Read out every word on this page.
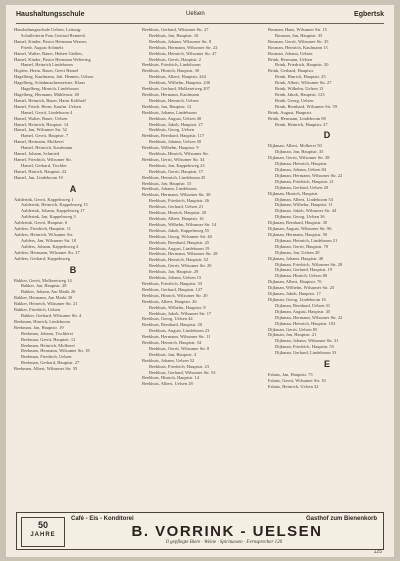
Haushaltungsschule	Uelsen	Egbertsk
Haushaltungsschule Uelsen, Leitung:
Schulleiterin Frau Gertrud Renneck
Hamel, Kinder, Pastor Hermann Werner,
Friedr. August Schmelz
Hamel, Walter, Bauer, Hubert Gießen,
Hamel, Kinder, Pastor Hermann Weltering
Hamel, Heinrich Lindeboom
Hopfen, Herm. Bauer, Geert Hamel
Hagelberg, Kaufmann, Joh. Hennen, Uelsen
Hagelberg, Schuhmachermeister, Klaas
Hagelberg, Hinrich, Lindeboom
Hagelberg, Hermann, Mühlenstr. 40
Hamel, Heinrich, Bauer, Harm Kolthoff
Hamel, Friedr. Herm. Kaufm. Uelsen
Hamel, Gerrit, Lindeboom 4
Hamel, Walter, Bauer, Uelsen
Hamel, Heinrich, Hauptstr. 14
Hamel, Jan, Wilsumer Str. 52
Hamel, Gerrit, Hauptstr. 7
Hamel, Hermann, Molkerei
Hamel, Heinrich, Kaufmann
Hamel, Johann, Schmied
Hamel, Friedrich, Wilsumer Str.
Hamel, Gerhard, Tischler
Hamel, Hinrich, Hauptstr. 22
Hamel, Jan, Lindeboom 10
A
Aalderink, Gerrit, Kappelnweg 1
Aalderink, Heinrich, Kappelnweg 15
Aalderink, Johann, Kappelnweg 17
Aalderink, Jan, Kappelnweg 3
Aalderink, Gerrit, Hauptstr. 6
Aalders, Friedrich, Hauptstr. 11
Aalders, Heinrich, Wilsumer Str.
Aalders, Jan, Wilsumer Str. 18
Aalders, Johann, Kappelnweg 2
Aalders, Hermann, Wilsumer Str. 27
Aalders, Gerhard, Kappelnweg
B
Bakker, Gerrit, Molkereiweg 14
Bakker, Jan, Hauptstr. 28
Bakker, Johann, Am Markt 26
Bakker, Hermann, Am Markt 30
Bakker, Heinrich, Wilsumer Str. 21
Bakker, Friedrich, Uelsen
Bakker, Gerhard, Wilsumer Str. 4
Beekman, Hinrich, Lindeboom
Beekman, Jan, Hauptstr. 19
Beekman, Johann, Tischlerei
Beekman, Gerrit, Hauptstr. 12
Beekman, Heinrich, Molkerei
Beekman, Hermann, Wilsumer Str. 18
Beekman, Friedrich, Uelsen
Beekman, Gerhard, Hauptstr. 27
Beekman, Albert, Wilsumer Str. 35
Beekhuis, Gerhard, Wilsumer Str. 27
Beekhuis, Jan, Hauptstr. 16
Beekhuis, Johann, Wilsumer Str. 8
Beekhuis, Hermann, Wilsumer Str. 22
Beekhuis, Heinrich, Wilsumer Str. 47
Beekhuis, Gerrit, Hauptstr. 2
Beekhuis, Friedrich, Lindeboom
Beekhuis, Hinrich, Hauptstr. 30
Beekhuis, Albert, Hauptstr. 244
Beekhuis, Wilhelm, Hauptstr. 236
Beekhuis, Gerhard, Molkereiweg 207
Beekhuis, Hermann, Kaufmann
Beekhuis, Heinrich, Uelsen
Beekhuis, Jan, Hauptstr. 12
Beekhuis, Johann, Lindeboom
Beekhuis, August, Uelsen 40
Beekhuis, Jakob, Hauptstr. 27
Beekhuis, Georg, Uelsen
Beekhuis, Bernhard, Hauptstr. 117
Beekhuis, Johann, Uelsen 50
Beekhuis, Wilhelm, Hauptstr. 9
Beekhuis, Hinrich, Wilsumer Str.
Beekhuis, Gerrit, Wilsumer Str. 34
Beekhuis, Jan, Kappelnweg 23
Beekhuis, Gerrit, Hauptstr. 17
Beekhuis, Heinrich, Lindeboom 45
Beekhuis, Jan, Hauptstr. 15
Beekhuis, Johann, Lindeboom
Beekhuis, Hermann, Wilsumer Str. 38
Beekhuis, Friedrich, Hauptstr. 26
Beekhuis, Gerhard, Uelsen 21
Beekhuis, Hinrich, Hauptstr. 20
Beekhuis, Albert, Hauptstr. 16
Beekhuis, Wilhelm, Wilsumer Str. 14
Beekhuis, Jakob, Kappelnweg 55
Beekhuis, Georg, Wilsumer Str. 40
Beekhuis, Bernhard, Hauptstr. 25
Beekhuis, August, Lindeboom 19
Beekhuis, Hermann, Wilsumer Str. 28
Beekhuis, Heinrich, Hauptstr. 52
Beekhuis, Gerrit, Wilsumer Str. 20
Beekhuis, Jan, Hauptstr. 29
Beekhuis, Johann, Uelsen 15
Beekhuis, Friedrich, Hauptstr. 33
Beekhuis, Gerhard, Hauptstr. 127
Beekhuis, Hinrich, Wilsumer Str. 20
Beekhuis, Albert, Hauptstr. 26
Beekhuis, Wilhelm, Hauptstr. 8
Beekhuis, Jakob, Wilsumer Str. 17
Beekhuis, Georg, Uelsen 44
Beekhuis, Bernhard, Hauptstr. 20
Beekhuis, August, Lindeboom 23
Beekhuis, Hermann, Wilsumer Str. 11
Beekhuis, Heinrich, Hauptstr. 34
Beekhuis, Gerrit, Wilsumer Str. 8
Beekhuis, Jan, Hauptstr. 4
Beekhuis, Johann, Uelsen 52
Beekhuis, Friedrich, Hauptstr. 23
Beekhuis, Gerhard, Wilsumer Str. 53
Beekhuis, Hinrich, Hauptstr. 14
Beekhuis, Albert, Uelsen 28
Bosman, Hans, Wilsumer Str. 15
Bosman, Jan, Hauptstr. 35
Bosman, Gerrit, Wilsumer Str. 35
Bosman, Heinrich, Kaufmann 13
Bosman, Johann, Uelsen
Brink, Hermann, Uelsen
Brink, Friedrich, Hauptstr. 20
Brink, Gerhard, Hauptstr.
Brink, Hinrich, Hauptstr. 25
Brink, Albert, Wilsumer Str. 27
Brink, Wilhelm, Uelsen 13
Brink, Jakob, Hauptstr. 123
Brink, Georg, Uelsen
Brink, Bernhard, Wilsumer Str. 59
Brink, August, Hauptstr.
Brink, Hermann, Lindeboom 80
Brink, Heinrich, Hauptstr. 27
D
Dijkman, Albert, Molkerei 50
Dijkman, Jan, Hauptstr. 35
Dijkman, Gerrit, Wilsumer Str. 38
Dijkman, Heinrich, Hauptstr.
Dijkman, Johann, Uelsen 84
Dijkman, Hermann, Wilsumer Str. 22
Dijkman, Friedrich, Hauptstr. 21
Dijkman, Gerhard, Uelsen 20
Dijkman, Hinrich, Hauptstr.
Dijkman, Albert, Lindeboom 54
Dijkman, Wilhelm, Hauptstr. 11
Dijkman, Jakob, Wilsumer Str. 44
Dijkman, Georg, Uelsen 36
Dijkman, Bernhard, Hauptstr. 30
Dijkman, August, Wilsumer Str. 96
Dijkman, Hermann, Hauptstr. 50
Dijkman, Heinrich, Lindeboom 21
Dijkman, Gerrit, Hauptstr. 70
Dijkman, Jan, Uelsen 20
Dijkman, Johann, Hauptstr. 40
Dijkman, Friedrich, Wilsumer Str. 28
Dijkman, Gerhard, Hauptstr. 19
Dijkman, Hinrich, Uelsen 80
Dijkman, Albert, Hauptstr. 76
Dijkman, Wilhelm, Wilsumer Str. 25
Dijkman, Jakob, Hauptstr. 17
Dijkman, Georg, Lindeboom 16
Dijkman, Bernhard, Uelsen 31
Dijkman, August, Hauptstr. 45
Dijkman, Hermann, Wilsumer Str. 22
Dijkman, Heinrich, Hauptstr. 103
Dijkman, Gerrit, Uelsen 85
Dijkman, Jan, Hauptstr. 21
Dijkman, Johann, Wilsumer Str. 31
Dijkman, Friedrich, Hauptstr. 55
Dijkman, Gerhard, Lindeboom 33
E
Eshuis, Jan, Hauptstr. 73
Eshuis, Gerrit, Wilsumer Str. 10
Eshuis, Heinrich, Uelsen 32
50
JAHRE
Café - Eis - Konditorei	Gasthof zum Bienenkorb
B. VORRINK - UELSEN
Il gepflegte Biere · Weine · Spirituosen · Fernsprecher 120
125
